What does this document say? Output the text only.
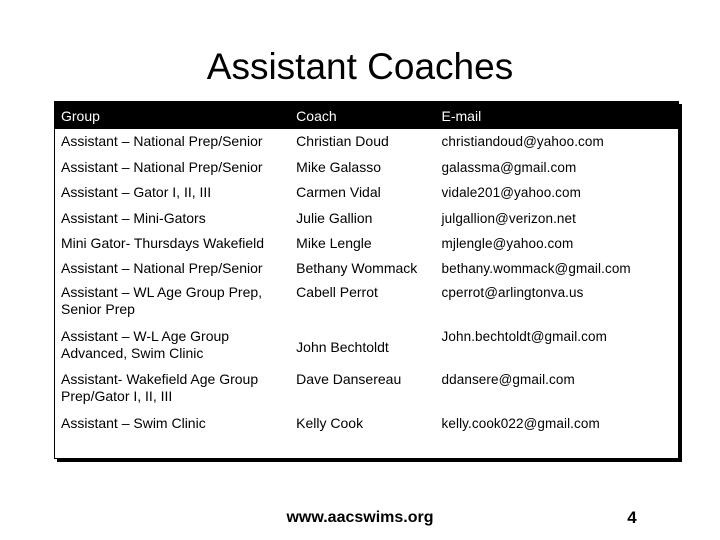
Assistant Coaches
Group	Coach	E-mail
Assistant – National Prep/Senior	Christian Doud	christiandoud@yahoo.com
Assistant – National Prep/Senior	Mike Galasso	galassma@gmail.com
Assistant – Gator I, II, III	Carmen Vidal	vidale201@yahoo.com
Assistant – Mini-Gators	Julie Gallion	julgallion@verizon.net
Mini Gator- Thursdays Wakefield	Mike Lengle	mjlengle@yahoo.com
Assistant – National Prep/Senior	Bethany Wommack	bethany.wommack@gmail.com
Assistant – WL Age Group Prep, Senior Prep	Cabell Perrot	cperrot@arlingtonva.us
Assistant – W-L Age Group Advanced, Swim Clinic	John Bechtoldt	John.bechtoldt@gmail.com
Assistant- Wakefield Age Group Prep/Gator I, II, III	Dave Dansereau	ddansere@gmail.com
Assistant – Swim Clinic	Kelly Cook	kelly.cook022@gmail.com
www.aacswims.org	4
